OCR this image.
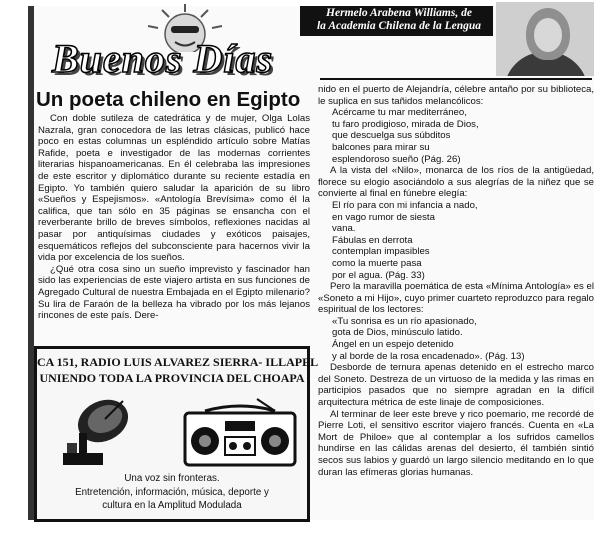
Buenos Días
Hermelo Arabena Williams, de
la Academia Chilena de la Lengua
Un poeta chileno en Egipto

Con doble sutileza de catedrática y de mujer, Olga Lolas Nazrala, gran conocedora de las letras clásicas, publicó hace poco en estas columnas un espléndido artículo sobre Matías Rafide, poeta e investigador de las modernas corrientes literarias hispanoamericanas. En él celebraba las impresiones de este escritor y diplomático durante su reciente estadía en Egipto. Yo también quiero saludar la aparición de su libro «Sueños y Espejismos». «Antología Brevísima» como él la califica, que tan sólo en 35 páginas se ensancha con el reverberante brillo de breves símbolos, reflexiones nacidas al pasar por antiquísimas ciudades y exóticos paisajes, esquemáticos reflejos del subconsciente para hacernos vivir la vida por excelencia de los sueños.

¿Qué otra cosa sino un sueño imprevisto y fascinador han sido las experiencias de este viajero artista en sus funciones de Agregado Cultural de nuestra Embajada en el Egipto milenario? Su lira de Faraón de la belleza ha vibrado por los más lejanos rincones de este país. Dere-

nido en el puerto de Alejandría, célebre antaño por su biblioteca, le suplica en sus tañidos melancólicos:

Acércame tu mar mediterráneo,
tu faro prodigioso, mirada de Dios,
que descuelga sus súbditos
balcones para mirar su
esplendoroso sueño (Pág. 26)

A la vista del «Nilo», monarca de los ríos de la antigüedad, florece su elogio asociándolo a sus alegrías de la niñez que se convierte al final en fúnebre elegía:

El río para con mi infancia a nado,
en vago rumor de siesta
vana.
Fábulas en derrota
contemplan impasibles
como la muerte pasa
por el agua. (Pág. 33)

Pero la maravilla poemática de esta «Mínima Antología» es el «Soneto a mi Hijo», cuyo primer cuarteto reproduzco para regalo espiritual de los lectores:

«Tu sonrisa es un río apasionado,
gota de Dios, minúsculo latido.
Ángel en un espejo detenido
y al borde de la rosa encadenado». (Pág. 13)

Desborde de ternura apenas detenido en el estrecho marco del Soneto. Destreza de un virtuoso de la medida y las rimas en participios pasados que no siempre agradan en la difícil arquitectura métrica de este linaje de composiciones.

Al terminar de leer este breve y rico poemario, me recordé de Pierre Loti, el sensitivo escritor viajero francés. Cuenta en «La Mort de Philoe» que al contemplar a los sufridos camellos hundirse en las cálidas arenas del desierto, él también sintió secos sus labios y guardó un largo silencio meditando en lo que duran las efímeras glorias humanas.

CA 151, RADIO LUIS ALVAREZ SIERRA- ILLAPEL
UNIENDO TODA LA PROVINCIA DEL CHOAPA
Una voz sin fronteras.
Entretención, información, música, deporte y
cultura en la Amplitud Modulada
